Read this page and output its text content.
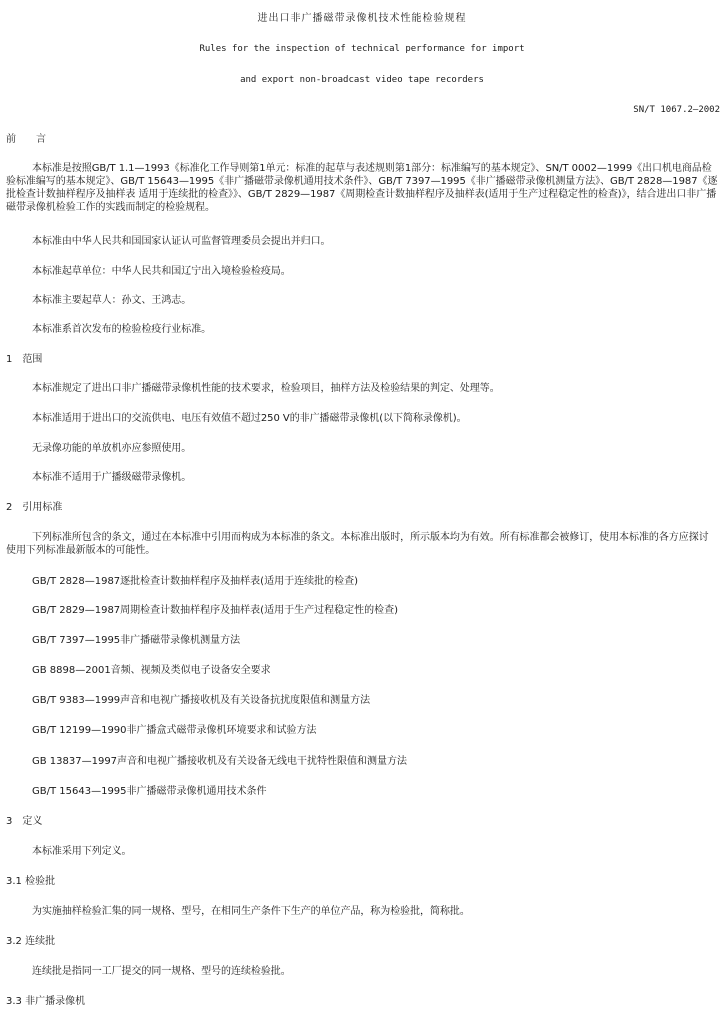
进出口非广播磁带录像机技术性能检验规程
Rules for the inspection of technical performance for import
and export non-broadcast video tape recorders
SN/T 1067.2—2002
前　　言
本标准是按照GB/T 1.1—1993《标准化工作导则第1单元：标准的起草与表述规则第1部分：标准编写的基本规定》、SN/T 0002—1999《出口机电商品检验标准编写的基本规定》、GB/T 15643—1995《非广播磁带录像机通用技术条件》、GB/T 7397—1995《非广播磁带录像机测量方法》、GB/T 2828—1987《逐批检查计数抽样程序及抽样表 适用于连续批的检查》》、GB/T 2829—1987《周期检查计数抽样程序及抽样表(适用于生产过程稳定性的检查)》，结合进出口非广播磁带录像机检验工作的实践而制定的检验规程。
本标准由中华人民共和国国家认证认可监督管理委员会提出并归口。
本标准起草单位：中华人民共和国辽宁出入境检验检疫局。
本标准主要起草人：孙文、王鸿志。
本标准系首次发布的检验检疫行业标准。
1　范围
本标准规定了进出口非广播磁带录像机性能的技术要求，检验项目，抽样方法及检验结果的判定、处理等。
本标准适用于进出口的交流供电、电压有效值不超过250 V的非广播磁带录像机(以下简称录像机)。
无录像功能的单放机亦应参照使用。
本标准不适用于广播级磁带录像机。
2　引用标准
下列标准所包含的条文，通过在本标准中引用而构成为本标准的条文。本标准出版时，所示版本均为有效。所有标准都会被修订，使用本标准的各方应探讨使用下列标准最新版本的可能性。
GB/T 2828—1987逐批检查计数抽样程序及抽样表(适用于连续批的检查)
GB/T 2829—1987周期检查计数抽样程序及抽样表(适用于生产过程稳定性的检查)
GB/T 7397—1995非广播磁带录像机测量方法
GB 8898—2001音频、视频及类似电子设备安全要求
GB/T 9383—1999声音和电视广播接收机及有关设备抗扰度限值和测量方法
GB/T 12199—1990非广播盒式磁带录像机环境要求和试验方法
GB 13837—1997声音和电视广播接收机及有关设备无线电干扰特性限值和测量方法
GB/T 15643—1995非广播磁带录像机通用技术条件
3　定义
本标准采用下列定义。
3.1 检验批
为实施抽样检验汇集的同一规格、型号，在相同生产条件下生产的单位产品，称为检验批，简称批。
3.2 连续批
连续批是指同一工厂提交的同一规格、型号的连续检验批。
3.3 非广播录像机
